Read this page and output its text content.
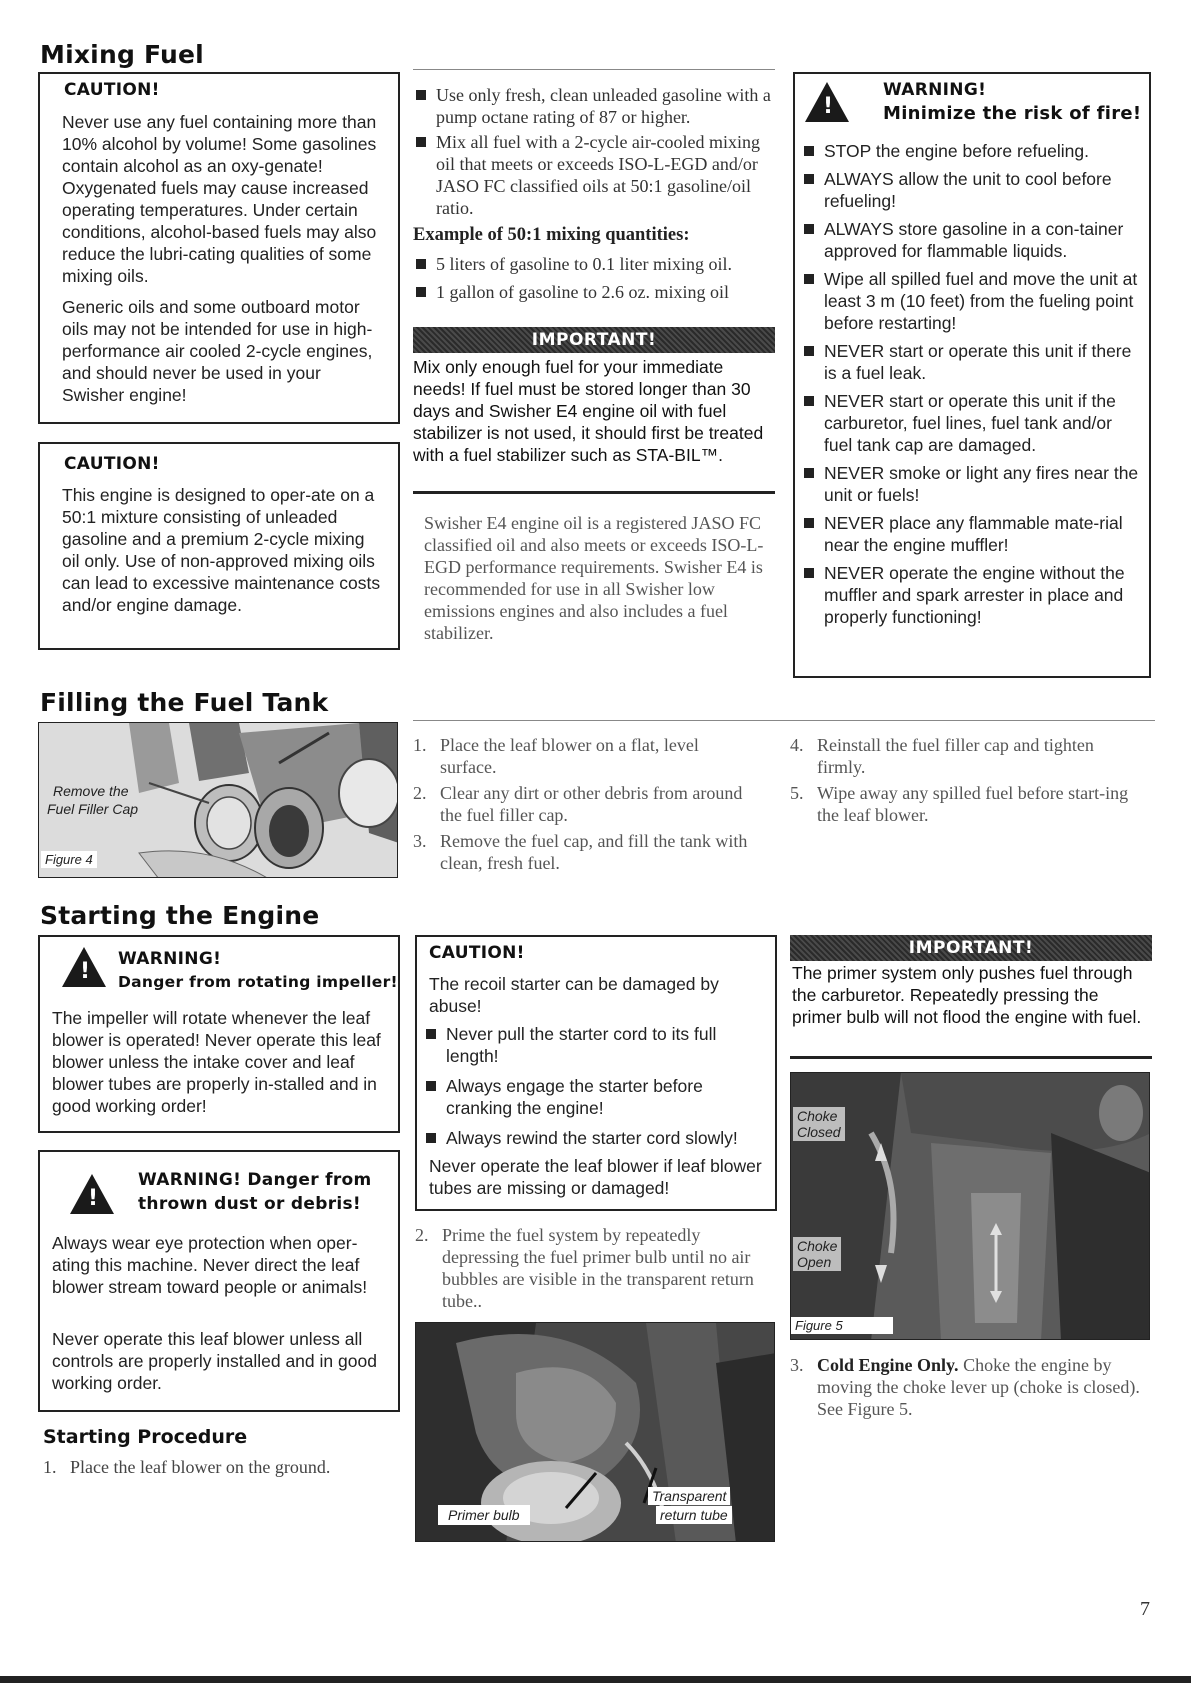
Mixing Fuel
CAUTION!

Never use any fuel containing more than 10% alcohol by volume! Some gasolines contain alcohol as an oxy-genate! Oxygenated fuels may cause increased operating temperatures. Under certain conditions, alcohol-based fuels may also reduce the lubri-cating qualities of some mixing oils.

Generic oils and some outboard motor oils may not be intended for use in high-performance air cooled 2-cycle engines, and should never be used in your Swisher engine!

CAUTION!

This engine is designed to oper-ate on a 50:1 mixture consisting of unleaded gasoline and a premium 2-cycle mixing oil only. Use of non-approved mixing oils can lead to excessive maintenance costs and/or engine damage.

Use only fresh, clean unleaded gasoline with a pump octane rating of 87 or higher.
Mix all fuel with a 2-cycle air-cooled mixing oil that meets or exceeds ISO-L-EGD and/or JASO FC classified oils at 50:1 gasoline/oil ratio.
Example of 50:1 mixing quantities:
5 liters of gasoline to 0.1 liter mixing oil.
1 gallon of gasoline to 2.6 oz. mixing oil
IMPORTANT!

Mix only enough fuel for your immediate needs! If fuel must be stored longer than 30 days and Swisher E4 engine oil with fuel stabilizer is not used, it should first be treated with a fuel stabilizer such as STA-BIL™.

Swisher E4 engine oil is a registered JASO FC classified oil and also meets or exceeds ISO-L-EGD performance requirements. Swisher E4 is recommended for use in all Swisher low emissions engines and also includes a fuel stabilizer.

!
WARNING!
Minimize the risk of fire!
STOP the engine before refueling.
ALWAYS allow the unit to cool before refueling!
ALWAYS store gasoline in a con-tainer approved for flammable liquids.
Wipe all spilled fuel and move the unit at least 3 m (10 feet) from the fueling point before restarting!
NEVER start or operate this unit if there is a fuel leak.
NEVER start or operate this unit if the carburetor, fuel lines, fuel tank and/or fuel tank cap are damaged.
NEVER smoke or light any fires near the unit or fuels!
NEVER place any flammable mate-rial near the engine muffler!
NEVER operate the engine without the muffler and spark arrester in place and properly functioning!
Filling the Fuel Tank
Remove the
Fuel Filler Cap
Figure 4
1. Place the leaf blower on a flat, level surface.
2. Clear any dirt or other debris from around the fuel filler cap.
3. Remove the fuel cap, and fill the tank with clean, fresh fuel.
4. Reinstall the fuel filler cap and tighten firmly.
5. Wipe away any spilled fuel before start-ing the leaf blower.
Starting the Engine
!
WARNING!
Danger from rotating impeller!

The impeller will rotate whenever the leaf blower is operated! Never operate this leaf blower unless the intake cover and leaf blower tubes are properly in-stalled and in good working order!

!
WARNING! Danger from
thrown dust or debris!

Always wear eye protection when oper-ating this machine. Never direct the leaf blower stream toward people or animals!

Never operate this leaf blower unless all controls are properly installed and in good working order.

Starting Procedure
1. Place the leaf blower on the ground.
CAUTION!

The recoil starter can be damaged by abuse!

Never pull the starter cord to its full length!
Always engage the starter before cranking the engine!
Always rewind the starter cord slowly!

Never operate the leaf blower if leaf blower tubes are missing or damaged!

2. Prime the fuel system by repeatedly depressing the fuel primer bulb until no air bubbles are visible in the transparent return tube..
Primer bulb
Transparent
return tube
IMPORTANT!

The primer system only pushes fuel through the carburetor. Repeatedly pressing the primer bulb will not flood the engine with fuel.

Choke
Closed
Choke
Open
Figure 5
3. Cold Engine Only. Choke the engine by moving the choke lever up (choke is closed). See Figure 5.
7
